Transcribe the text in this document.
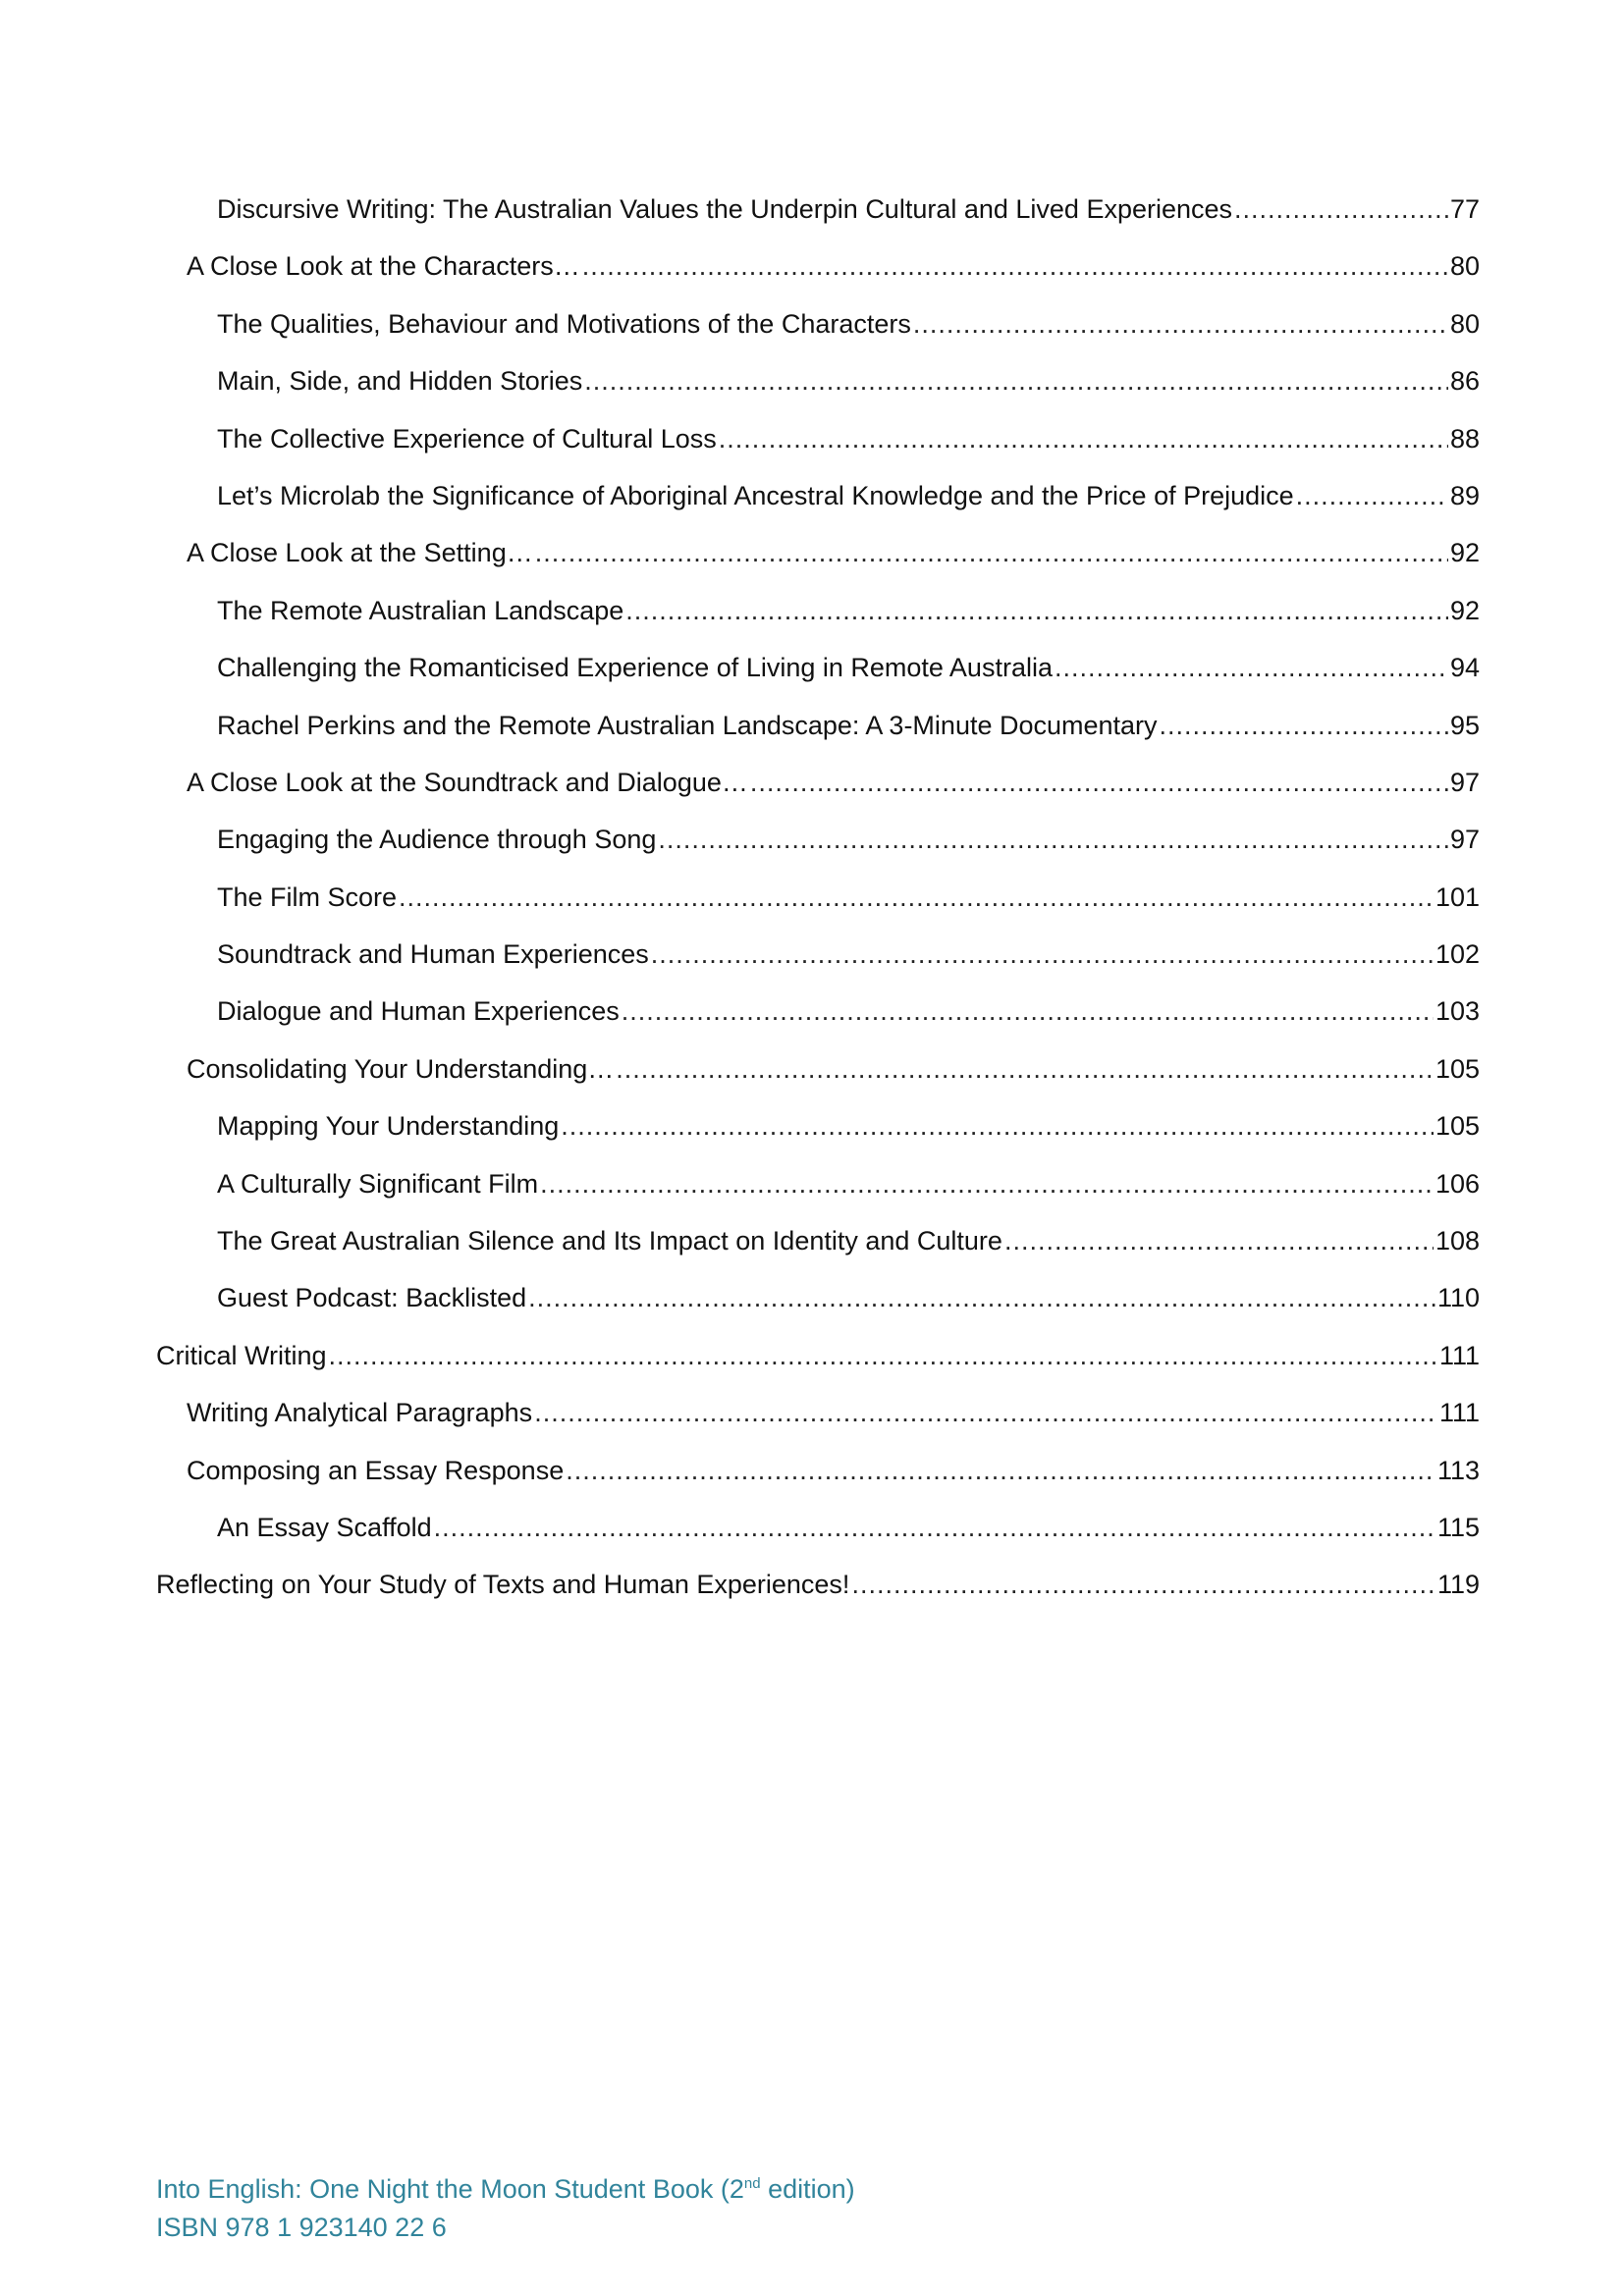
Discursive Writing: The Australian Values the Underpin Cultural and Lived Experiences .....	77
A Close Look at the Characters… .....	80
The Qualities, Behaviour and Motivations of the Characters .....	80
Main, Side, and Hidden Stories .....	86
The Collective Experience of Cultural Loss .....	88
Let’s Microlab the Significance of Aboriginal Ancestral Knowledge and the Price of Prejudice .....	89
A Close Look at the Setting… .....	92
The Remote Australian Landscape .....	92
Challenging the Romanticised Experience of Living in Remote Australia .....	94
Rachel Perkins and the Remote Australian Landscape: A 3-Minute Documentary .....	95
A Close Look at the Soundtrack and Dialogue… .....	97
Engaging the Audience through Song .....	97
The Film Score .....	101
Soundtrack and Human Experiences .....	102
Dialogue and Human Experiences .....	103
Consolidating Your Understanding… .....	105
Mapping Your Understanding .....	105
A Culturally Significant Film .....	106
The Great Australian Silence and Its Impact on Identity and Culture .....	108
Guest Podcast: Backlisted .....	110
Critical Writing .....	111
Writing Analytical Paragraphs .....	111
Composing an Essay Response .....	113
An Essay Scaffold .....	115
Reflecting on Your Study of Texts and Human Experiences! .....	119
Into English: One Night the Moon Student Book (2nd edition)
ISBN 978 1 923140 22 6
